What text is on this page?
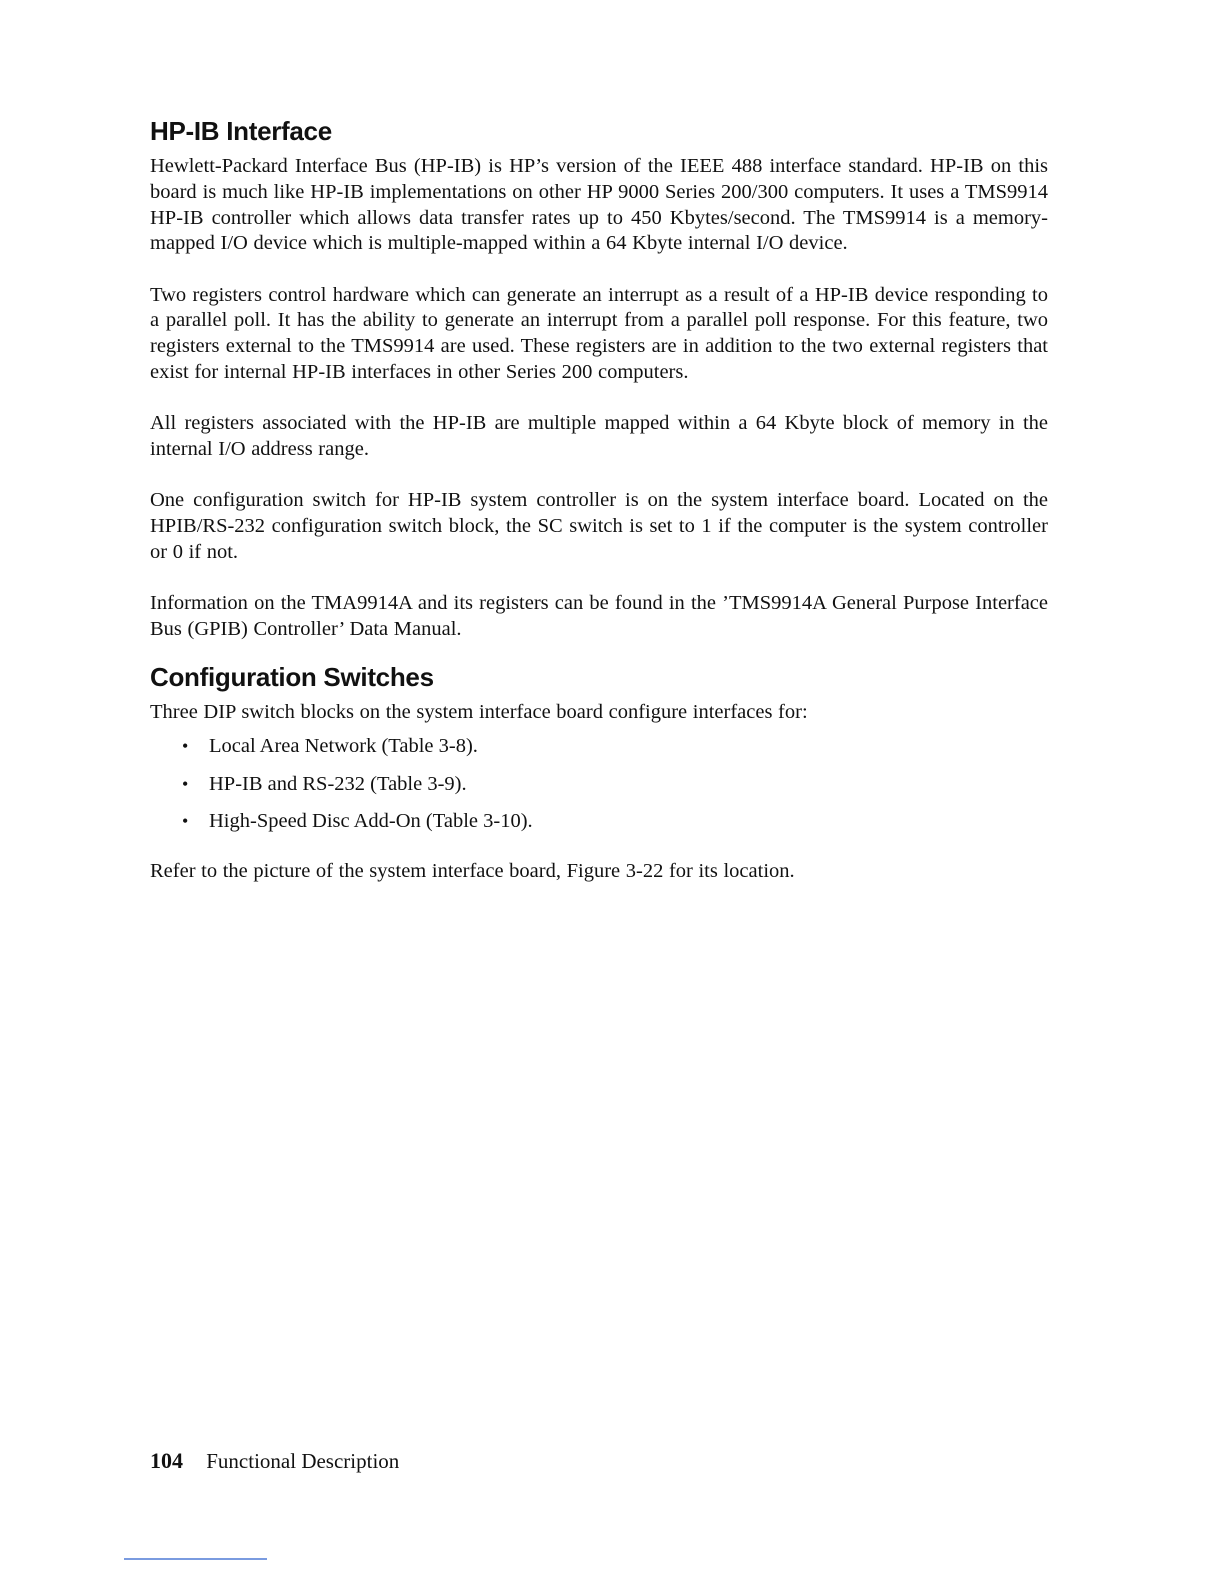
HP-IB Interface

Hewlett-Packard Interface Bus (HP-IB) is HP’s version of the IEEE 488 interface standard. HP-IB on this board is much like HP-IB implementations on other HP 9000 Series 200/300 computers. It uses a TMS9914 HP-IB controller which allows data transfer rates up to 450 Kbytes/second. The TMS9914 is a memory-mapped I/O device which is multiple-mapped within a 64 Kbyte internal I/O device.

Two registers control hardware which can generate an interrupt as a result of a HP-IB device responding to a parallel poll. It has the ability to generate an interrupt from a parallel poll response. For this feature, two registers external to the TMS9914 are used. These registers are in addition to the two external registers that exist for internal HP-IB interfaces in other Series 200 computers.

All registers associated with the HP-IB are multiple mapped within a 64 Kbyte block of memory in the internal I/O address range.

One configuration switch for HP-IB system controller is on the system interface board. Located on the HPIB/RS-232 configuration switch block, the SC switch is set to 1 if the computer is the system controller or 0 if not.

Information on the TMA9914A and its registers can be found in the ’TMS9914A General Purpose Interface Bus (GPIB) Controller’ Data Manual.

Configuration Switches

Three DIP switch blocks on the system interface board configure interfaces for:

• Local Area Network (Table 3-8).
• HP-IB and RS-232 (Table 3-9).
• High-Speed Disc Add-On (Table 3-10).

Refer to the picture of the system interface board, Figure 3-22 for its location.

104 Functional Description
